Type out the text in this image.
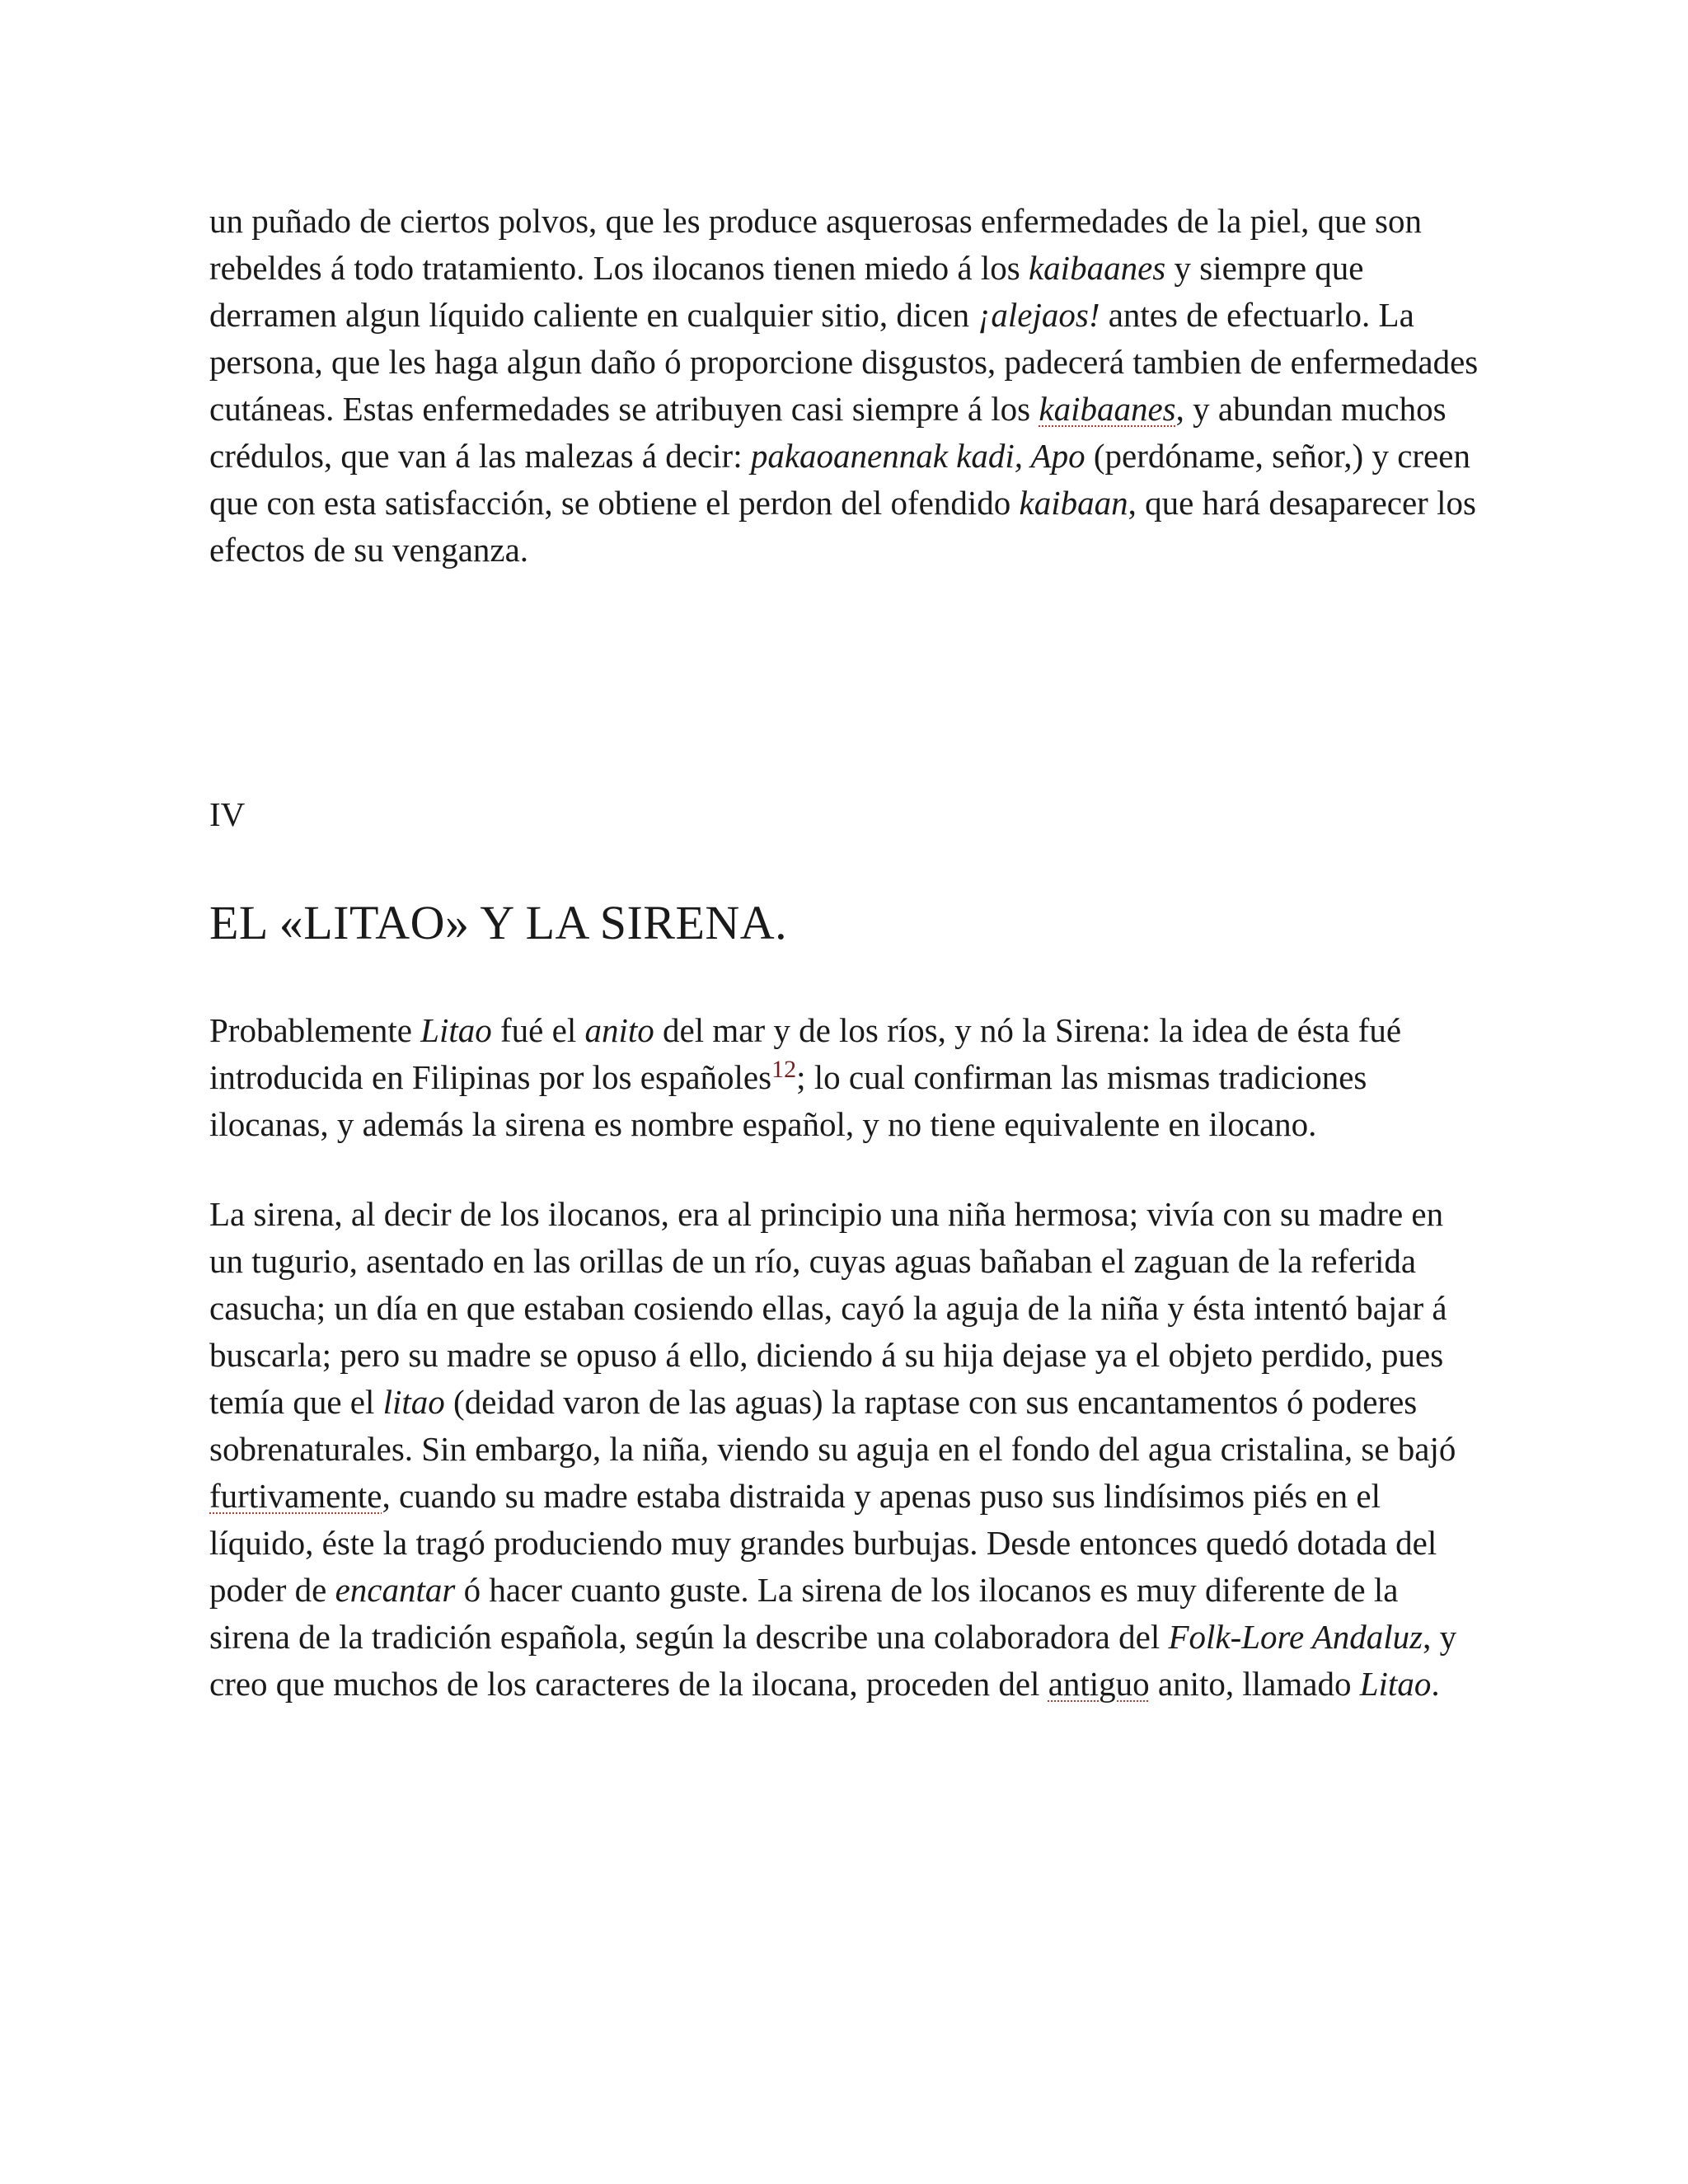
un puñado de ciertos polvos, que les produce asquerosas enfermedades de la piel, que son rebeldes á todo tratamiento. Los ilocanos tienen miedo á los kaibaanes y siempre que derramen algun líquido caliente en cualquier sitio, dicen ¡alejaos! antes de efectuarlo. La persona, que les haga algun daño ó proporcione disgustos, padecerá tambien de enfermedades cutáneas. Estas enfermedades se atribuyen casi siempre á los kaibaanes, y abundan muchos crédulos, que van á las malezas á decir: pakaoanennak kadi, Apo (perdóname, señor,) y creen que con esta satisfacción, se obtiene el perdon del ofendido kaibaan, que hará desaparecer los efectos de su venganza.

IV
EL «LITAO» Y LA SIRENA.

Probablemente Litao fué el anito del mar y de los ríos, y nó la Sirena: la idea de ésta fué introducida en Filipinas por los españoles$^{12}$; lo cual confirman las mismas tradiciones ilocanas, y además la sirena es nombre español, y no tiene equivalente en ilocano.

La sirena, al decir de los ilocanos, era al principio una niña hermosa; vivía con su madre en un tugurio, asentado en las orillas de un río, cuyas aguas bañaban el zaguan de la referida casucha; un día en que estaban cosiendo ellas, cayó la aguja de la niña y ésta intentó bajar á buscarla; pero su madre se opuso á ello, diciendo á su hija dejase ya el objeto perdido, pues temía que el litao (deidad varon de las aguas) la raptase con sus encantamentos ó poderes sobrenaturales. Sin embargo, la niña, viendo su aguja en el fondo del agua cristalina, se bajó furtivamente, cuando su madre estaba distraida y apenas puso sus lindísimos piés en el líquido, éste la tragó produciendo muy grandes burbujas. Desde entonces quedó dotada del poder de encantar ó hacer cuanto guste. La sirena de los ilocanos es muy diferente de la sirena de la tradición española, según la describe una colaboradora del Folk-Lore Andaluz, y creo que muchos de los caracteres de la ilocana, proceden del antiguo anito, llamado Litao.
